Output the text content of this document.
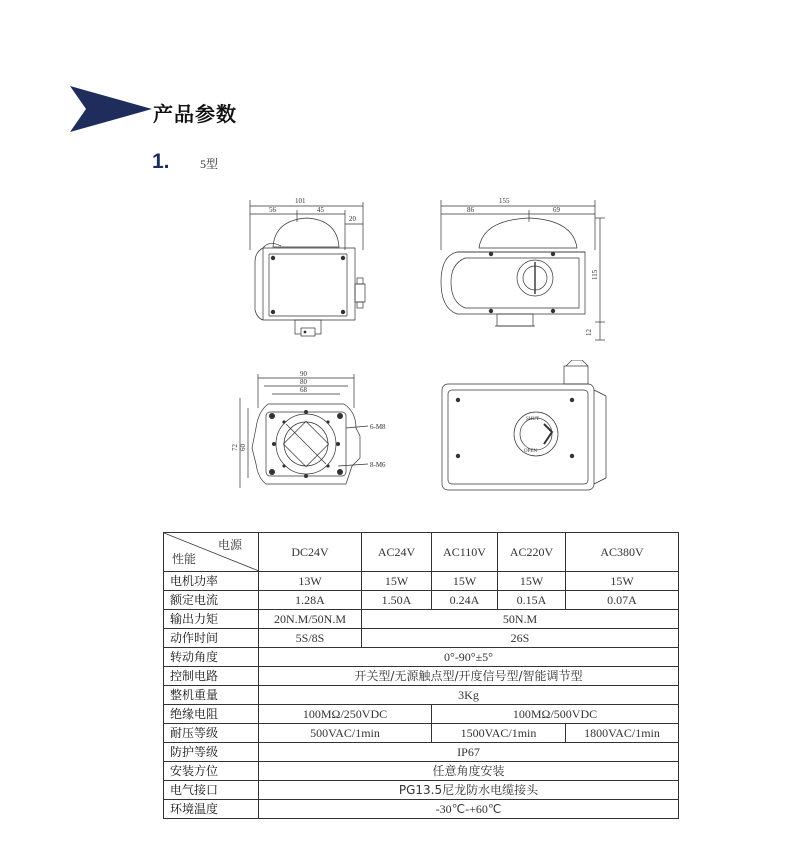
产品参数
1.	5型
101
56	45
20
155
86	69
115
12
90
80
68
72 60
6-M8
8-M6
SHUT
OPEN
电源
性能	DC24V	AC24V	AC110V	AC220V	AC380V
电机功率	13W	15W	15W	15W	15W
额定电流	1.28A	1.50A	0.24A	0.15A	0.07A
输出力矩	20N.M/50N.M	50N.M			
动作时间	5S/8S	26S			
转动角度	0°-90°±5°				
控制电路	开关型/无源触点型/开度信号型/智能调节型				
整机重量	3Kg				
绝缘电阻	100MΩ/250VDC		100MΩ/500VDC		
耐压等级	500VAC/1min		1500VAC/1min		1800VAC/1min
防护等级	IP67				
安装方位	任意角度安装				
电气接口	PG13.5尼龙防水电缆接头				
环境温度	-30℃-+60℃				
